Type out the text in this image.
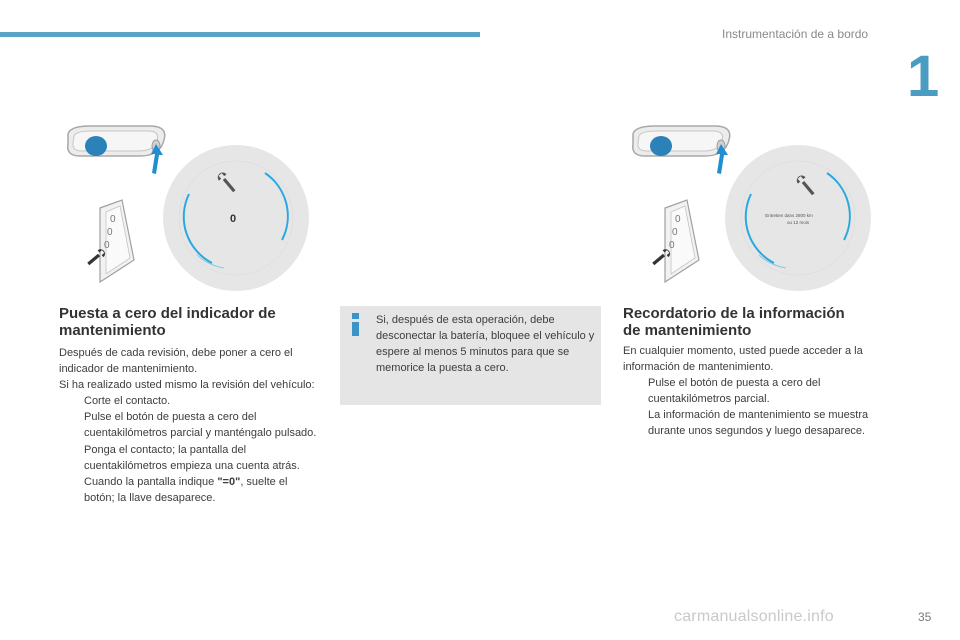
Instrumentación de a bordo
1
0
0
0
0
Entretien dans 2800 km
ou 12 mois
0
0
0
Puesta a cero del indicador de
mantenimiento

Después de cada revisión, debe poner a cero el indicador de mantenimiento.

Si ha realizado usted mismo la revisión del vehículo:

Corte el contacto.
Pulse el botón de puesta a cero del cuentakilómetros parcial y manténgalo pulsado.
Ponga el contacto; la pantalla del cuentakilómetros empieza una cuenta atrás.
Cuando la pantalla indique "=0", suelte el botón; la llave desaparece.
Si, después de esta operación, debe desconectar la batería, bloquee el vehículo y espere al menos 5 minutos para que se memorice la puesta a cero.
Recordatorio de la información
de mantenimiento

En cualquier momento, usted puede acceder a la información de mantenimiento.

Pulse el botón de puesta a cero del cuentakilómetros parcial.
La información de mantenimiento se muestra durante unos segundos y luego desaparece.
carmanualsonline.info	35
